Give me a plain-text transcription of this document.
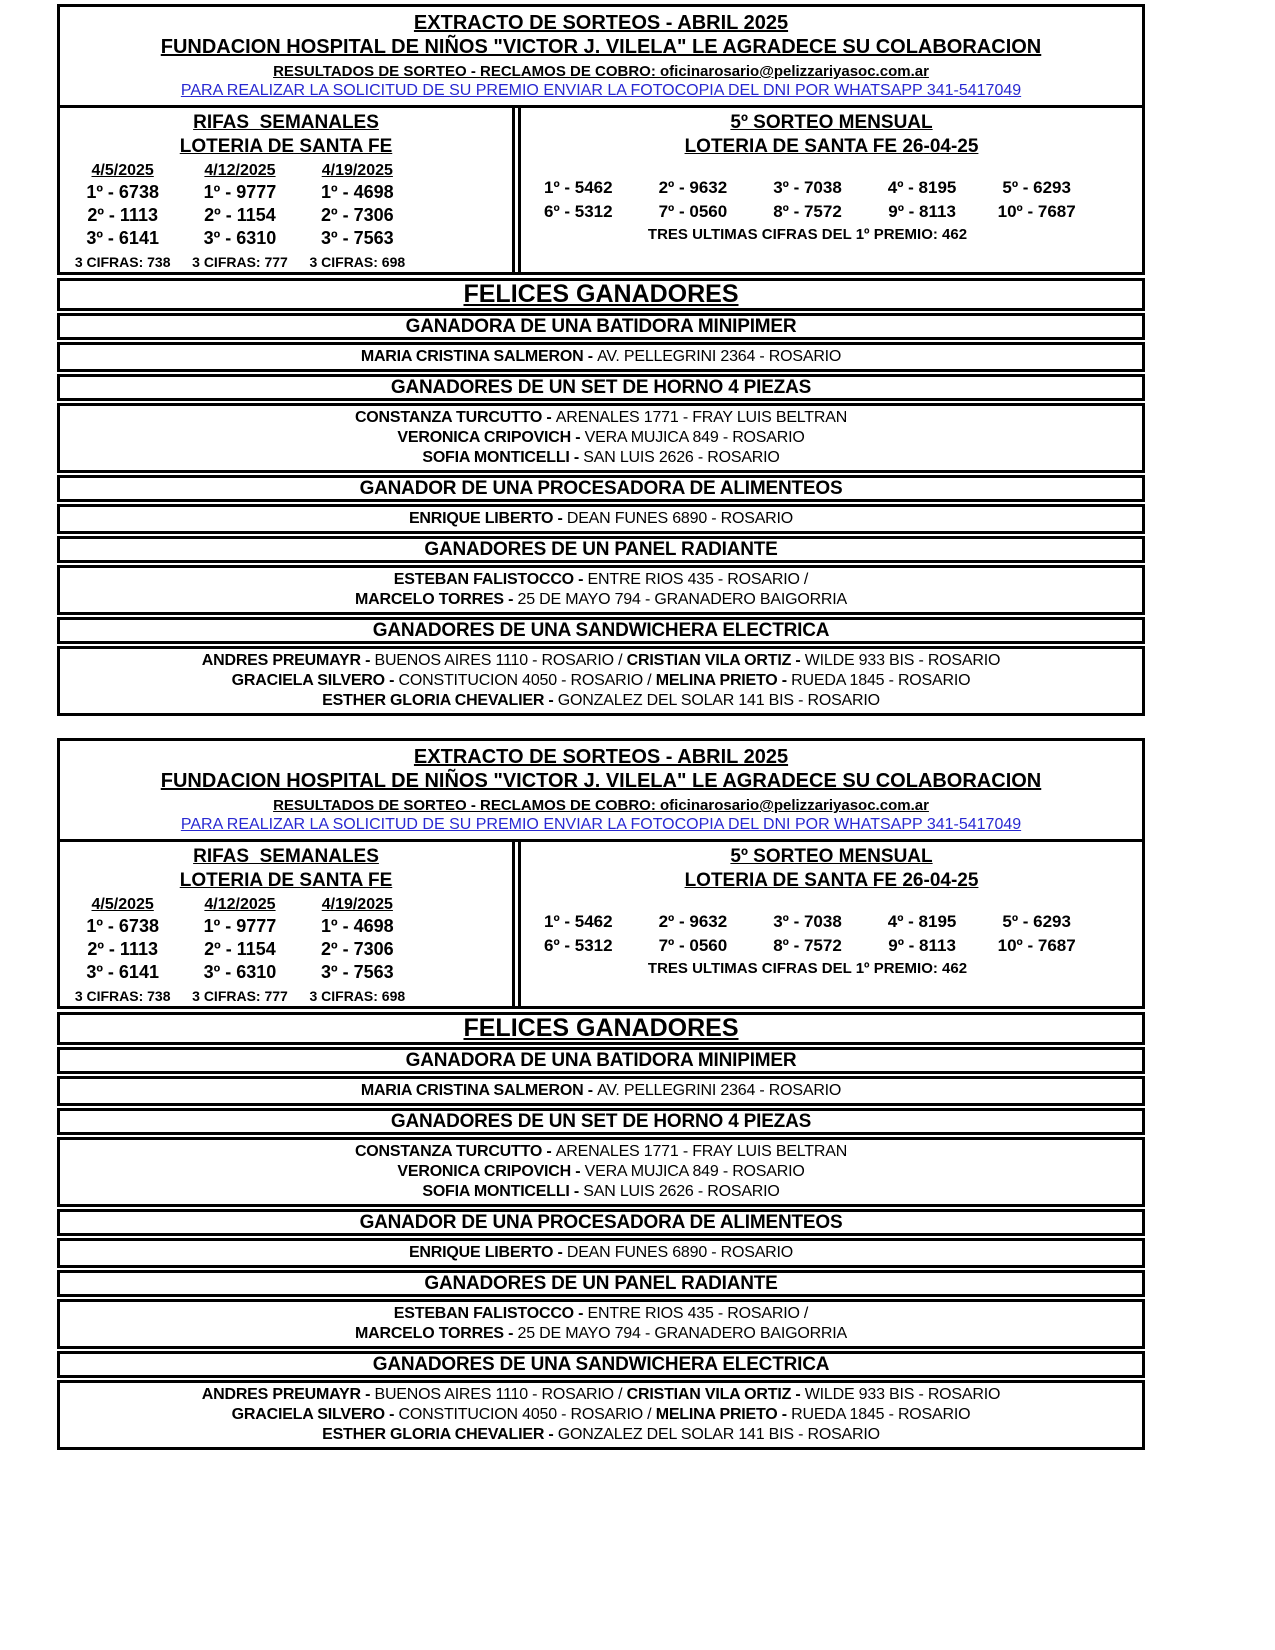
EXTRACTO DE SORTEOS - ABRIL 2025
FUNDACION HOSPITAL DE NIÑOS "VICTOR J. VILELA" LE AGRADECE SU COLABORACION
RESULTADOS DE SORTEO - RECLAMOS DE COBRO: oficinarosario@pelizzariyasoc.com.ar
PARA REALIZAR LA SOLICITUD DE SU PREMIO ENVIAR LA FOTOCOPIA DEL DNI POR WHATSAPP 341-5417049
RIFAS  SEMANALES
LOTERIA DE SANTA FE
4/5/2025	4/12/2025	4/19/2025
1º - 6738	1º - 9777	1º - 4698
2º - 1113	2º - 1154	2º - 7306
3º - 6141	3º - 6310	3º - 7563
3 CIFRAS: 738	3 CIFRAS: 777	3 CIFRAS: 698
5º SORTEO MENSUAL
LOTERIA DE SANTA FE 26-04-25
1º - 5462	2º - 9632	3º - 7038	4º - 8195	5º - 6293
6º - 5312	7º - 0560	8º - 7572	9º - 8113	10º - 7687
TRES ULTIMAS CIFRAS DEL 1º PREMIO: 462
FELICES GANADORES
GANADORA DE UNA BATIDORA MINIPIMER
MARIA CRISTINA SALMERON - AV. PELLEGRINI 2364 - ROSARIO
GANADORES DE UN SET DE HORNO 4 PIEZAS
CONSTANZA TURCUTTO - ARENALES 1771 - FRAY LUIS BELTRAN
VERONICA CRIPOVICH - VERA MUJICA 849 - ROSARIO
SOFIA MONTICELLI - SAN LUIS 2626 - ROSARIO
GANADOR DE UNA PROCESADORA DE ALIMENTEOS
ENRIQUE LIBERTO - DEAN FUNES 6890 - ROSARIO
GANADORES DE UN PANEL RADIANTE
ESTEBAN FALISTOCCO - ENTRE RIOS 435 - ROSARIO /
MARCELO TORRES - 25 DE MAYO 794 - GRANADERO BAIGORRIA
GANADORES DE UNA SANDWICHERA ELECTRICA
ANDRES PREUMAYR - BUENOS AIRES 1110 - ROSARIO / CRISTIAN VILA ORTIZ - WILDE 933 BIS - ROSARIO
GRACIELA SILVERO - CONSTITUCION 4050 - ROSARIO / MELINA PRIETO - RUEDA 1845 - ROSARIO
ESTHER GLORIA CHEVALIER - GONZALEZ DEL SOLAR 141 BIS - ROSARIO
EXTRACTO DE SORTEOS - ABRIL 2025
FUNDACION HOSPITAL DE NIÑOS "VICTOR J. VILELA" LE AGRADECE SU COLABORACION
RESULTADOS DE SORTEO - RECLAMOS DE COBRO: oficinarosario@pelizzariyasoc.com.ar
PARA REALIZAR LA SOLICITUD DE SU PREMIO ENVIAR LA FOTOCOPIA DEL DNI POR WHATSAPP 341-5417049
RIFAS  SEMANALES
LOTERIA DE SANTA FE
4/5/2025	4/12/2025	4/19/2025
1º - 6738	1º - 9777	1º - 4698
2º - 1113	2º - 1154	2º - 7306
3º - 6141	3º - 6310	3º - 7563
3 CIFRAS: 738	3 CIFRAS: 777	3 CIFRAS: 698
5º SORTEO MENSUAL
LOTERIA DE SANTA FE 26-04-25
1º - 5462	2º - 9632	3º - 7038	4º - 8195	5º - 6293
6º - 5312	7º - 0560	8º - 7572	9º - 8113	10º - 7687
TRES ULTIMAS CIFRAS DEL 1º PREMIO: 462
FELICES GANADORES
GANADORA DE UNA BATIDORA MINIPIMER
MARIA CRISTINA SALMERON - AV. PELLEGRINI 2364 - ROSARIO
GANADORES DE UN SET DE HORNO 4 PIEZAS
CONSTANZA TURCUTTO - ARENALES 1771 - FRAY LUIS BELTRAN
VERONICA CRIPOVICH - VERA MUJICA 849 - ROSARIO
SOFIA MONTICELLI - SAN LUIS 2626 - ROSARIO
GANADOR DE UNA PROCESADORA DE ALIMENTEOS
ENRIQUE LIBERTO - DEAN FUNES 6890 - ROSARIO
GANADORES DE UN PANEL RADIANTE
ESTEBAN FALISTOCCO - ENTRE RIOS 435 - ROSARIO /
MARCELO TORRES - 25 DE MAYO 794 - GRANADERO BAIGORRIA
GANADORES DE UNA SANDWICHERA ELECTRICA
ANDRES PREUMAYR - BUENOS AIRES 1110 - ROSARIO / CRISTIAN VILA ORTIZ - WILDE 933 BIS - ROSARIO
GRACIELA SILVERO - CONSTITUCION 4050 - ROSARIO / MELINA PRIETO - RUEDA 1845 - ROSARIO
ESTHER GLORIA CHEVALIER - GONZALEZ DEL SOLAR 141 BIS - ROSARIO
